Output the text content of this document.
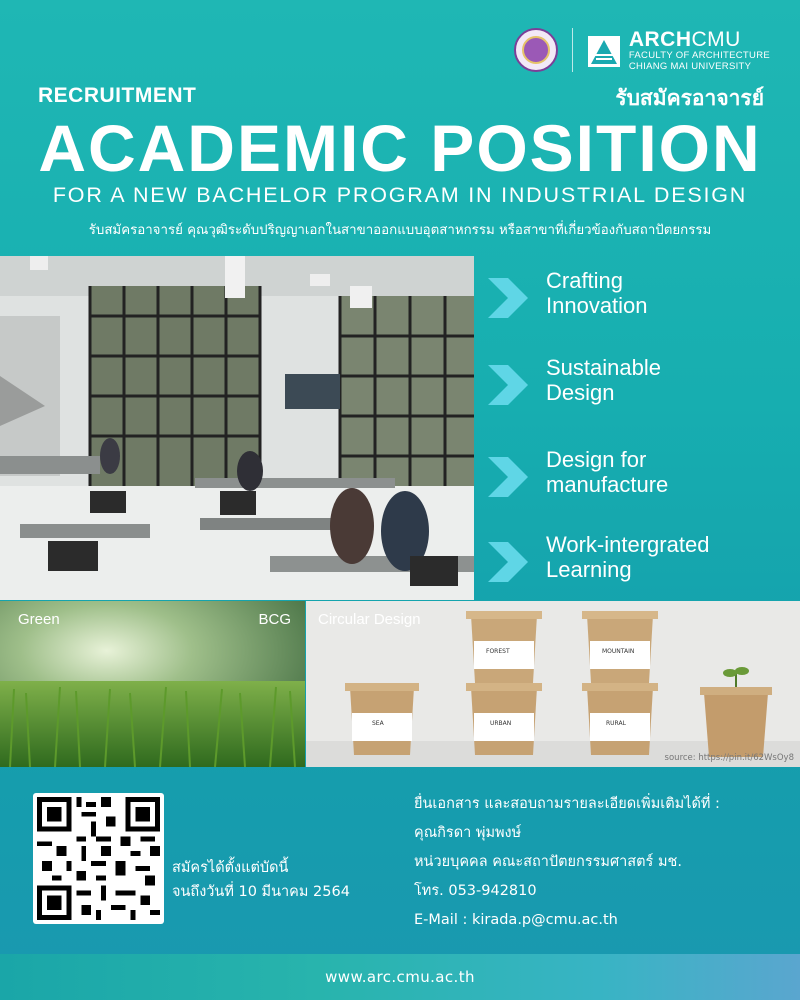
ARCHCMU
FACULTY OF ARCHITECTURE
CHIANG MAI UNIVERSITY
RECRUITMENT	รับสมัครอาจารย์
ACADEMIC POSITION
FOR A NEW BACHELOR PROGRAM IN INDUSTRIAL DESIGN
รับสมัครอาจารย์ คุณวุฒิระดับปริญญาเอกในสาขาออกแบบอุตสาหกรรม หรือสาขาที่เกี่ยวข้องกับสถาปัตยกรรม
Crafting
Innovation
Sustainable
Design
Design for
manufacture
Work-intergrated
Learning
Green	BCG
FOREST	MOUNTAIN
SEA	URBAN	RURAL
Circular Design
source: https://pin.it/62WsOy8
สมัครได้ตั้งแต่บัดนี้
จนถึงวันที่ 10 มีนาคม 2564
ยื่นเอกสาร และสอบถามรายละเอียดเพิ่มเติมได้ที่ :
คุณกิรดา พุ่มพงษ์
หน่วยบุคคล คณะสถาปัตยกรรมศาสตร์ มช.
โทร. 053-942810
E-Mail : kirada.p@cmu.ac.th
www.arc.cmu.ac.th
